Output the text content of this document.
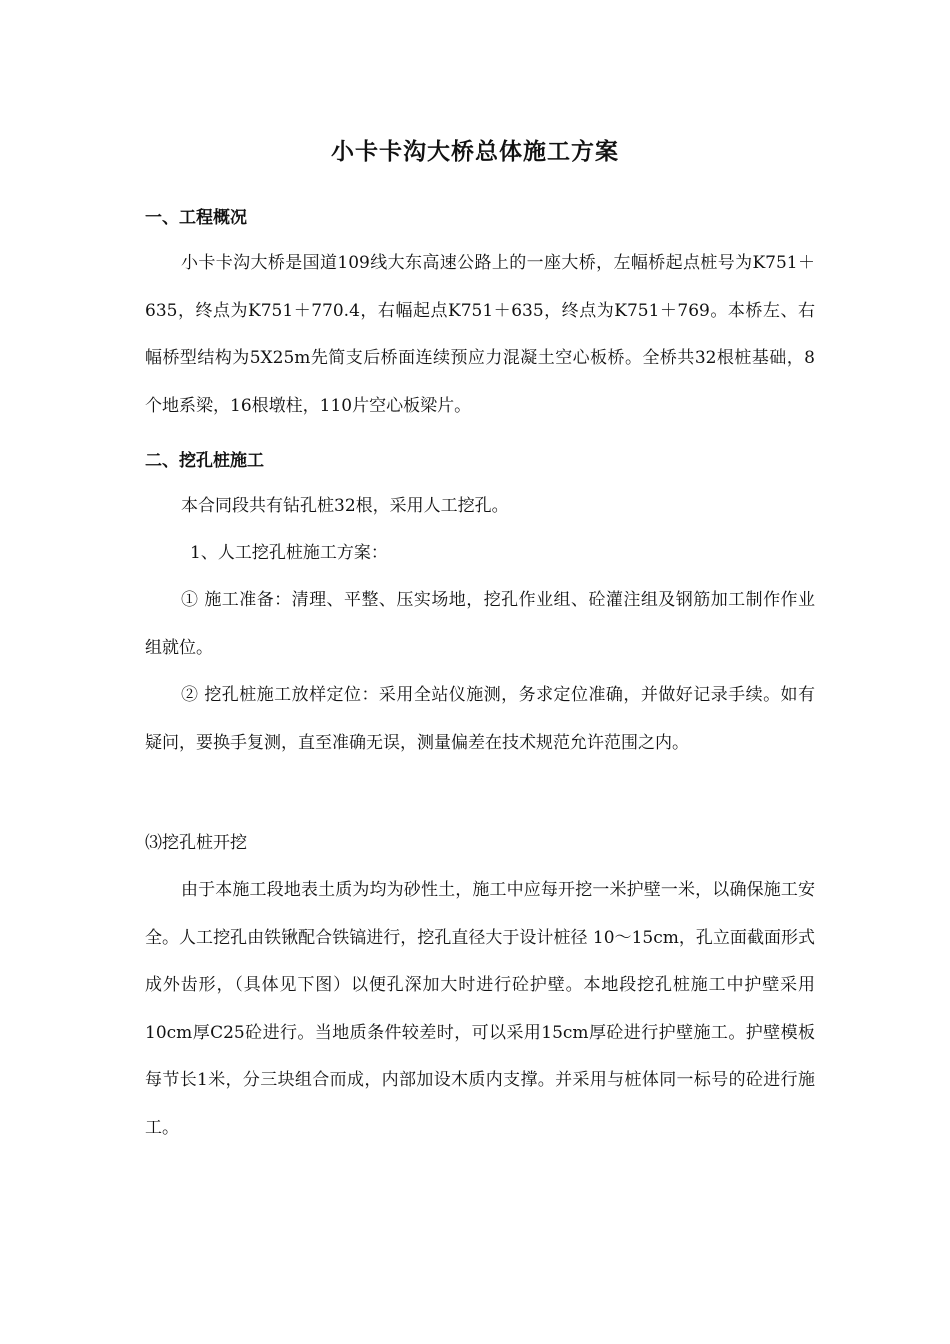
小卡卡沟大桥总体施工方案
一、工程概况

小卡卡沟大桥是国道109线大东高速公路上的一座大桥，左幅桥起点桩号为K751＋635，终点为K751＋770.4，右幅起点K751＋635，终点为K751＋769。本桥左、右幅桥型结构为5X25m先简支后桥面连续预应力混凝土空心板桥。全桥共32根桩基础，8个地系梁，16根墩柱，110片空心板梁片。

二、挖孔桩施工

本合同段共有钻孔桩32根，采用人工挖孔。

1、人工挖孔桩施工方案：

① 施工准备：清理、平整、压实场地，挖孔作业组、砼灌注组及钢筋加工制作作业组就位。

② 挖孔桩施工放样定位：采用全站仪施测，务求定位准确，并做好记录手续。如有疑问，要换手复测，直至准确无误，测量偏差在技术规范允许范围之内。

⑶挖孔桩开挖

由于本施工段地表土质为均为砂性土，施工中应每开挖一米护壁一米，以确保施工安全。人工挖孔由铁锹配合铁镐进行，挖孔直径大于设计桩径 10～15cm，孔立面截面形式成外齿形，（具体见下图）以便孔深加大时进行砼护壁。本地段挖孔桩施工中护壁采用10cm厚C25砼进行。当地质条件较差时，可以采用15cm厚砼进行护壁施工。护壁模板每节长1米，分三块组合而成，内部加设木质内支撑。并采用与桩体同一标号的砼进行施工。
